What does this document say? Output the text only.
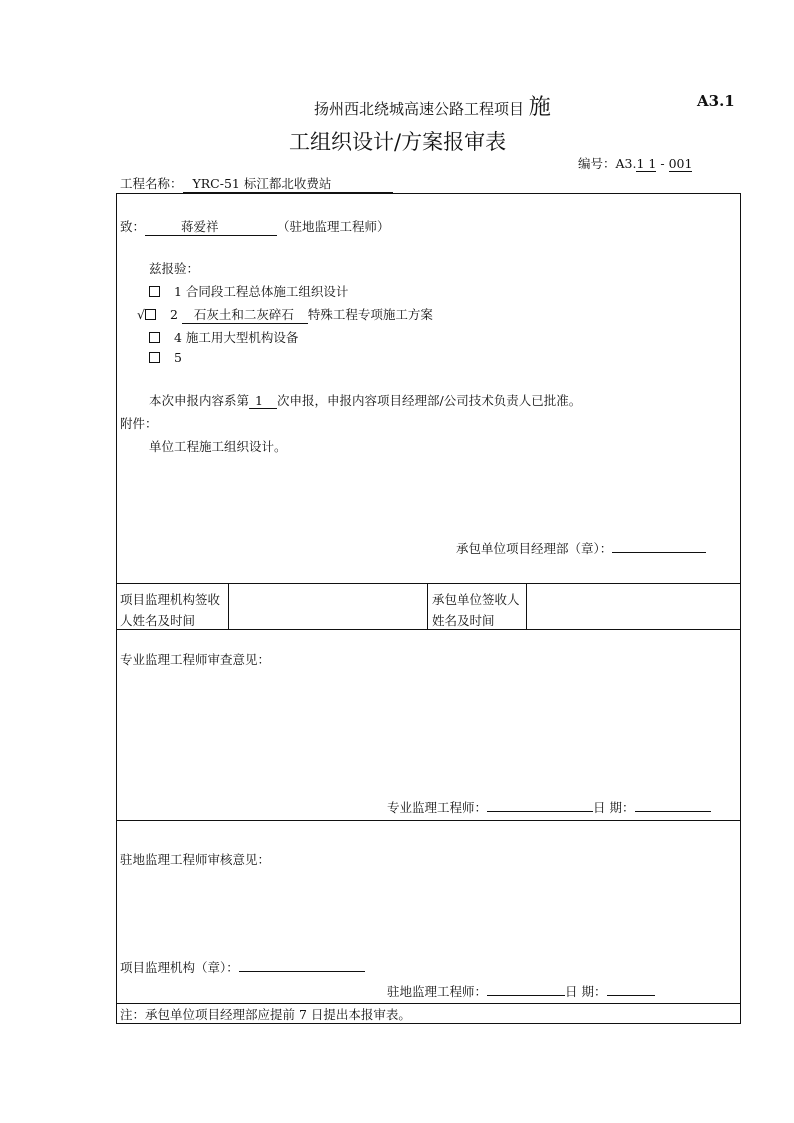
扬州西北绕城高速公路工程项目 施	A3.1
工组织设计/方案报审表
编号：A3.1 1 - 001
工程名称： YRC-51 标江都北收费站
致：	蒋爱祥	（驻地监理工程师）
兹报验：
1 合同段工程总体施工组织设计
√ 2 石灰土和二灰碎石 特殊工程专项施工方案
4 施工用大型机构设备
5
本次申报内容系第 1 次申报，申报内容项目经理部/公司技术负责人已批准。
附件：
单位工程施工组织设计。
承包单位项目经理部（章）：
项目监理机构签收人姓名及时间
承包单位签收人姓名及时间
专业监理工程师审查意见：
专业监理工程师：	日 期：
驻地监理工程师审核意见：
项目监理机构（章）：
驻地监理工程师：	日 期：
注：承包单位项目经理部应提前 7 日提出本报审表。
